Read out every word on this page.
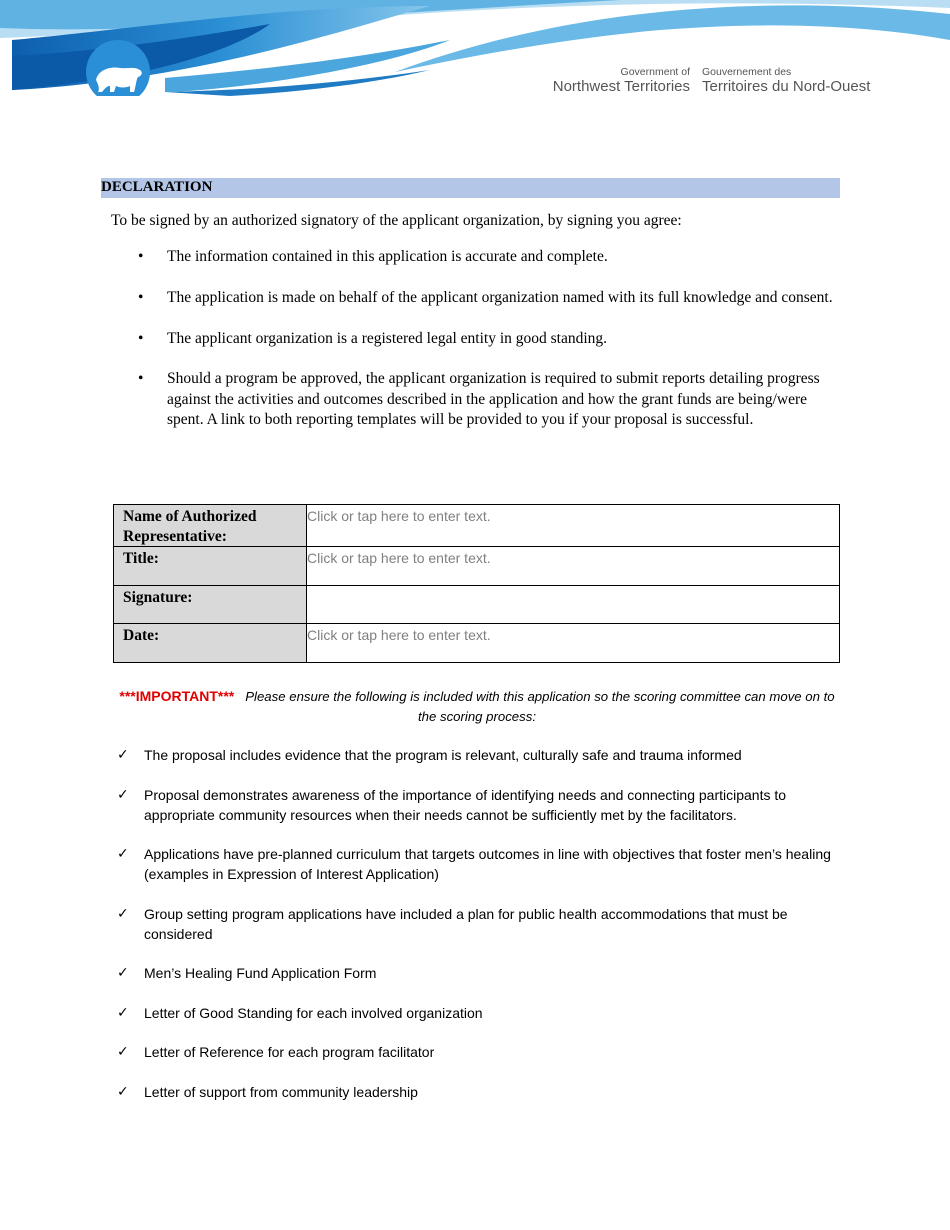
Government of
Northwest Territories
Gouvernement des
Territoires du Nord-Ouest
DECLARATION
To be signed by an authorized signatory of the applicant organization, by signing you agree:
• The information contained in this application is accurate and complete.
• The application is made on behalf of the applicant organization named with its full knowledge and consent.
• The applicant organization is a registered legal entity in good standing.
• Should a program be approved, the applicant organization is required to submit reports detailing progress against the activities and outcomes described in the application and how the grant funds are being/were spent. A link to both reporting templates will be provided to you if your proposal is successful.
Name of Authorized Representative:	Click or tap here to enter text.
Title:	Click or tap here to enter text.
Signature:	
Date:	Click or tap here to enter text.
***IMPORTANT*** Please ensure the following is included with this application so the scoring committee can move on to the scoring process:
✓ The proposal includes evidence that the program is relevant, culturally safe and trauma informed
✓ Proposal demonstrates awareness of the importance of identifying needs and connecting participants to appropriate community resources when their needs cannot be sufficiently met by the facilitators.
✓ Applications have pre-planned curriculum that targets outcomes in line with objectives that foster men’s healing (examples in Expression of Interest Application)
✓ Group setting program applications have included a plan for public health accommodations that must be considered
✓ Men’s Healing Fund Application Form
✓ Letter of Good Standing for each involved organization
✓ Letter of Reference for each program facilitator
✓ Letter of support from community leadership
